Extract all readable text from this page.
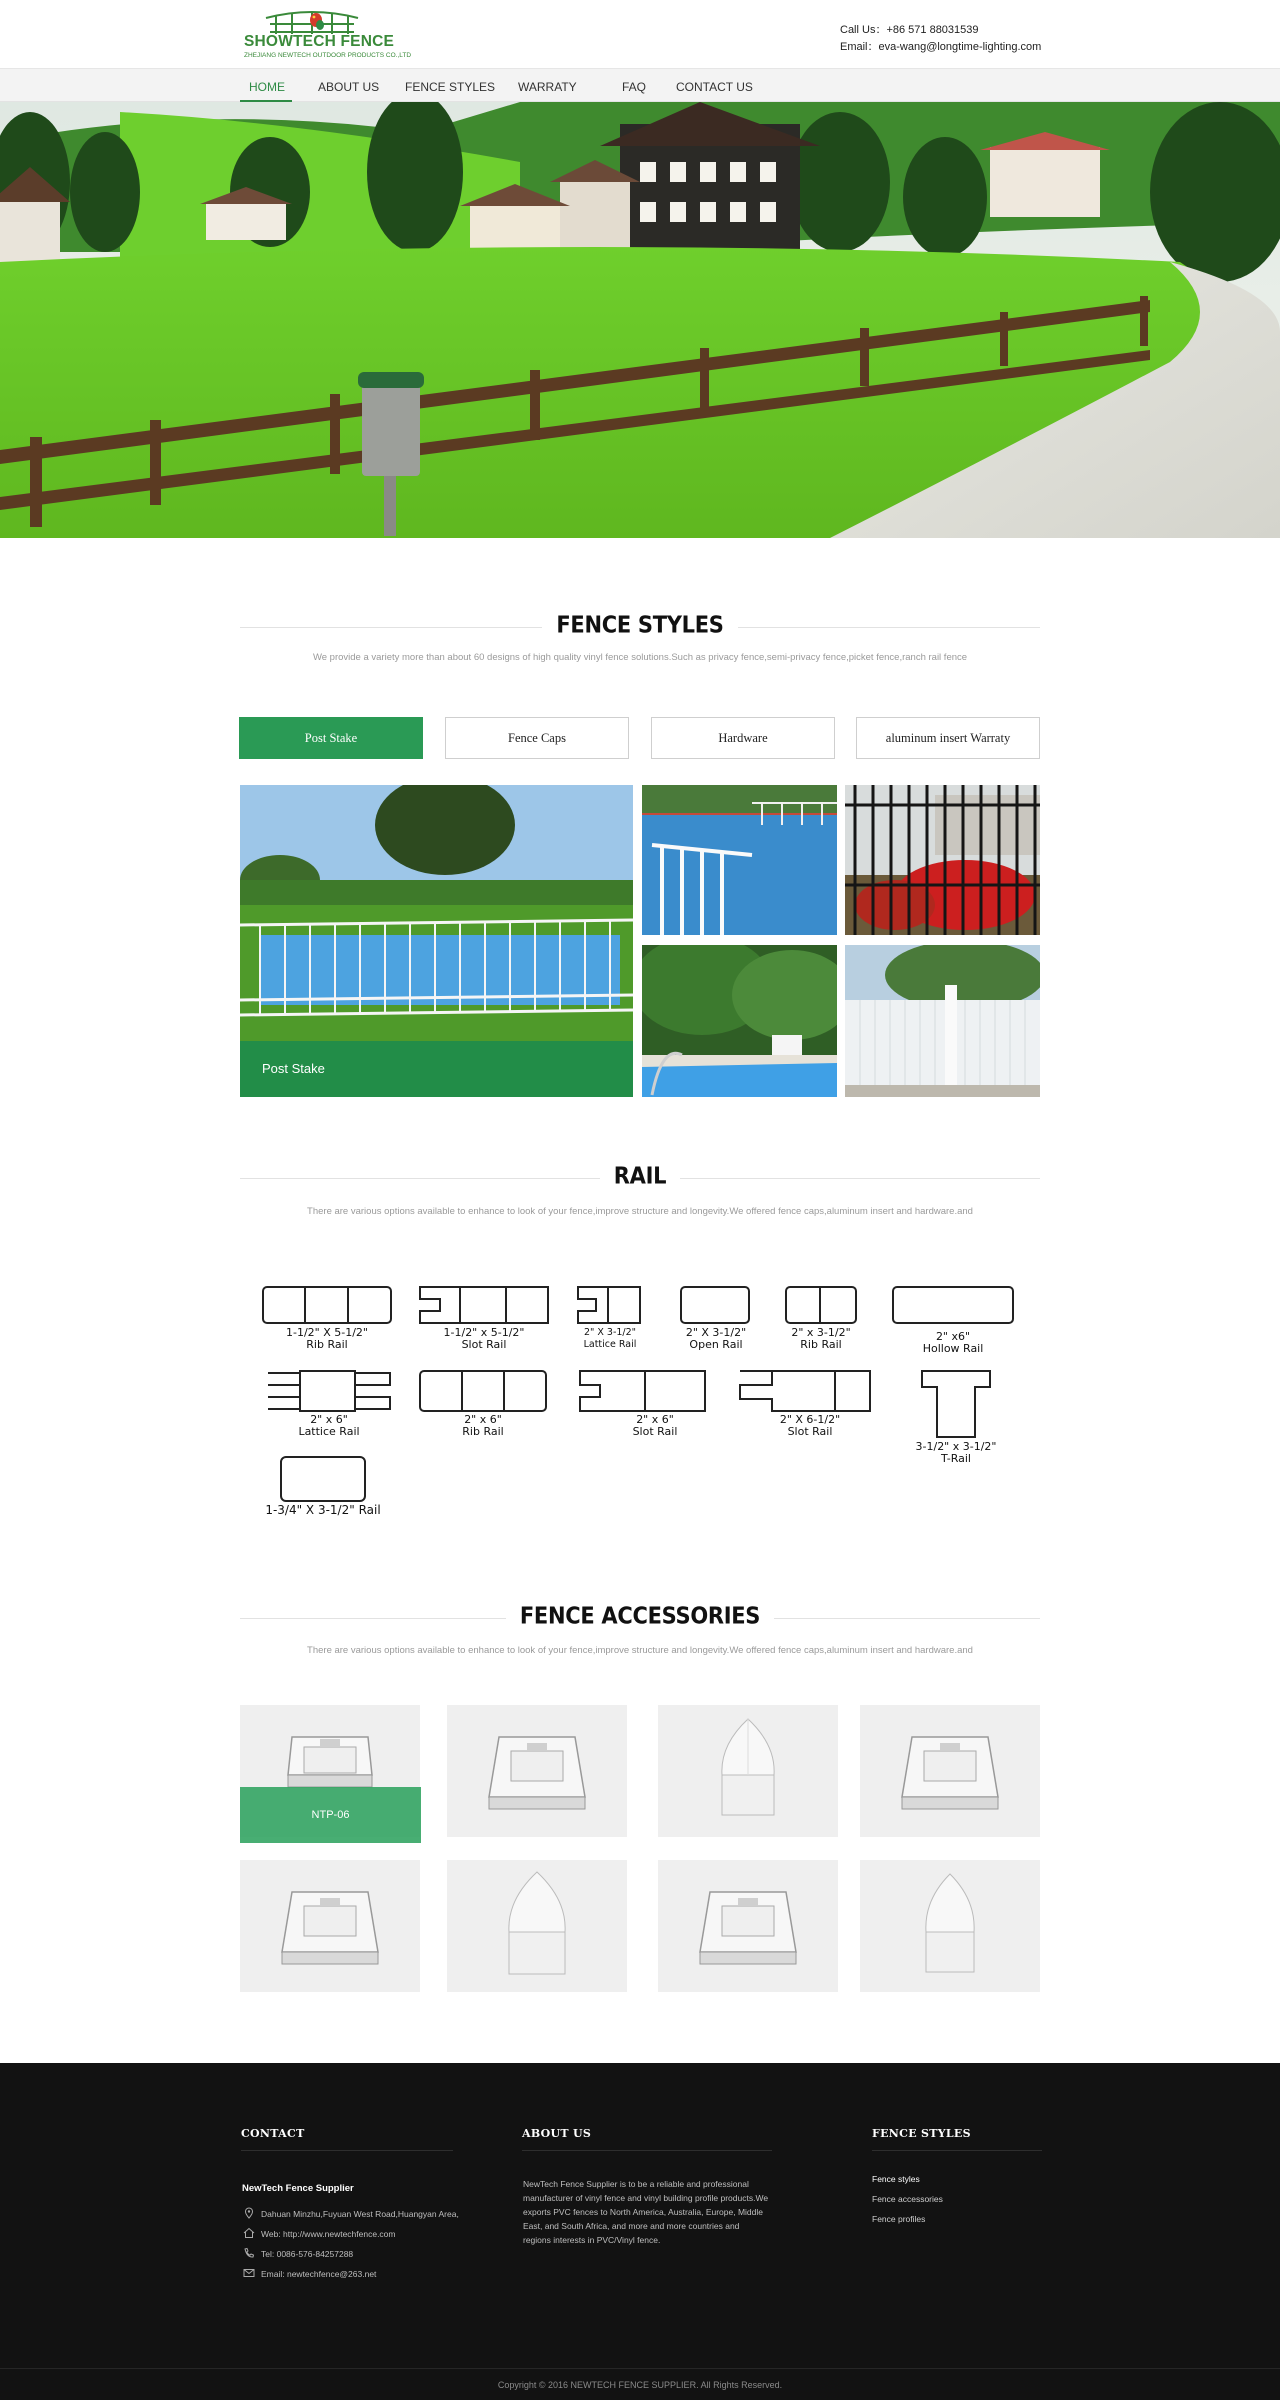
SHOWTECH FENCE
ZHEJIANG NEWTECH OUTDOOR PRODUCTS CO.,LTD
Call Us：+86 571 88031539
Email：eva-wang@longtime-lighting.com
HOME	ABOUT US FENCE STYLES WARRATY	FAQ CONTACT US
FENCE STYLES
We provide a variety more than about 60 designs of high quality vinyl fence solutions.Such as privacy fence,semi-privacy fence,picket fence,ranch rail fence
Post Stake	Fence Caps	Hardware	aluminum insert Warraty
Post Stake
RAIL
There are various options available to enhance to look of your fence,improve structure and longevity.We offered fence caps,aluminum insert and hardware.and
1-1/2" X 5-1/2"
Rib Rail
1-1/2" x 5-1/2"
Slot Rail
2" X 3-1/2"
Lattice Rail
2" X 3-1/2"
Open Rail
2" x 3-1/2"
Rib Rail
2" x6"
Hollow Rail
2" x 6"
Lattice Rail
2" x 6"
Rib Rail
2" x 6"
Slot Rail
2" X 6-1/2"
Slot Rail
3-1/2" x 3-1/2"
T-Rail
1-3/4" X 3-1/2" Rail
FENCE ACCESSORIES
There are various options available to enhance to look of your fence,improve structure and longevity.We offered fence caps,aluminum insert and hardware.and
NTP-06
CONTACT
NewTech Fence Supplier
Dahuan Minzhu,Fuyuan West Road,Huangyan Area,
Web: http://www.newtechfence.com
Tel: 0086-576-84257288
Email: newtechfence@263.net
ABOUT US
NewTech Fence Supplier is to be a reliable and professional manufacturer of vinyl fence and vinyl building profile products.We exports PVC fences to North America, Australia, Europe, Middle East, and South Africa, and more and more countries and regions interests in PVC/Vinyl fence.
FENCE STYLES
Fence styles
Fence accessories
Fence profiles
Copyright © 2016 NEWTECH FENCE SUPPLIER. All Rights Reserved.
